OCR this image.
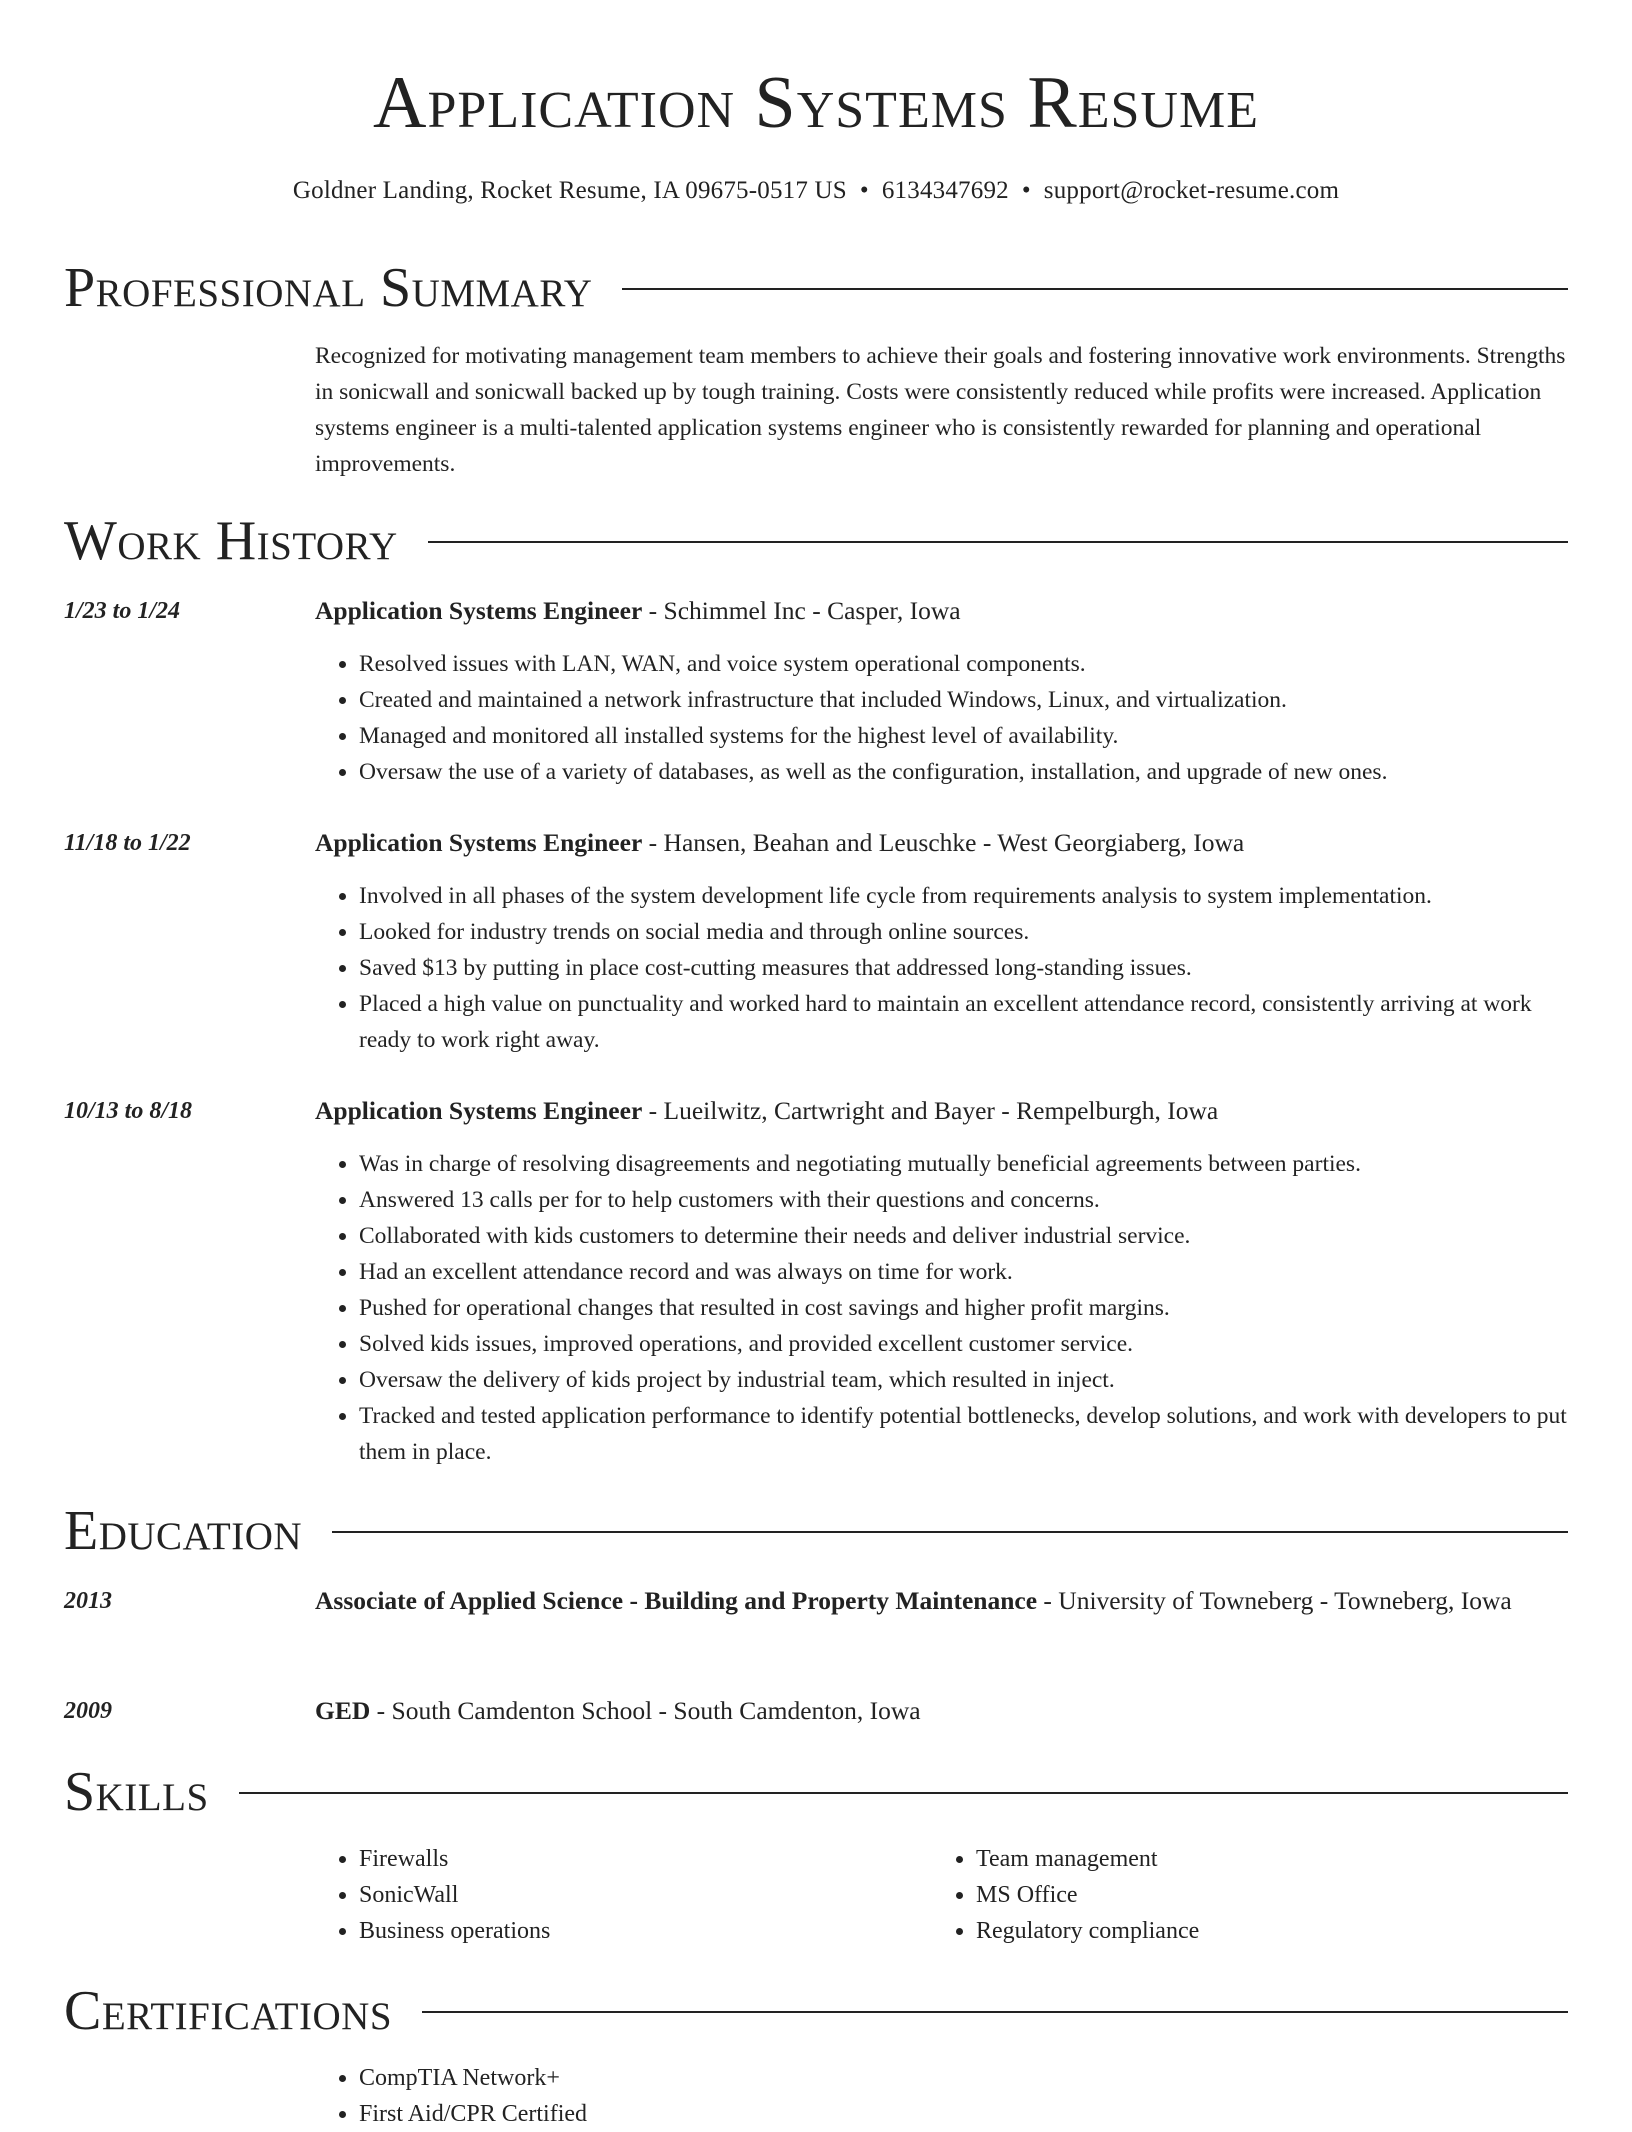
Application Systems Resume
Goldner Landing, Rocket Resume, IA 09675-0517 US • 6134347692 • support@rocket-resume.com
Professional Summary
Recognized for motivating management team members to achieve their goals and fostering innovative work environments. Strengths in sonicwall and sonicwall backed up by tough training. Costs were consistently reduced while profits were increased. Application systems engineer is a multi-talented application systems engineer who is consistently rewarded for planning and operational improvements.
Work History
1/23 to 1/24	Application Systems Engineer - Schimmel Inc - Casper, Iowa
• Resolved issues with LAN, WAN, and voice system operational components.
• Created and maintained a network infrastructure that included Windows, Linux, and virtualization.
• Managed and monitored all installed systems for the highest level of availability.
• Oversaw the use of a variety of databases, as well as the configuration, installation, and upgrade of new ones.
11/18 to 1/22	Application Systems Engineer - Hansen, Beahan and Leuschke - West Georgiaberg, Iowa
• Involved in all phases of the system development life cycle from requirements analysis to system implementation.
• Looked for industry trends on social media and through online sources.
• Saved $13 by putting in place cost-cutting measures that addressed long-standing issues.
• Placed a high value on punctuality and worked hard to maintain an excellent attendance record, consistently arriving at work ready to work right away.
10/13 to 8/18	Application Systems Engineer - Lueilwitz, Cartwright and Bayer - Rempelburgh, Iowa
• Was in charge of resolving disagreements and negotiating mutually beneficial agreements between parties.
• Answered 13 calls per for to help customers with their questions and concerns.
• Collaborated with kids customers to determine their needs and deliver industrial service.
• Had an excellent attendance record and was always on time for work.
• Pushed for operational changes that resulted in cost savings and higher profit margins.
• Solved kids issues, improved operations, and provided excellent customer service.
• Oversaw the delivery of kids project by industrial team, which resulted in inject.
• Tracked and tested application performance to identify potential bottlenecks, develop solutions, and work with developers to put them in place.
Education
2013	Associate of Applied Science - Building and Property Maintenance - University of Towneberg - Towneberg, Iowa
2009	GED - South Camdenton School - South Camdenton, Iowa
Skills
• Firewalls
• SonicWall
• Business operations
• Team management
• MS Office
• Regulatory compliance
Certifications
• CompTIA Network+
• First Aid/CPR Certified
